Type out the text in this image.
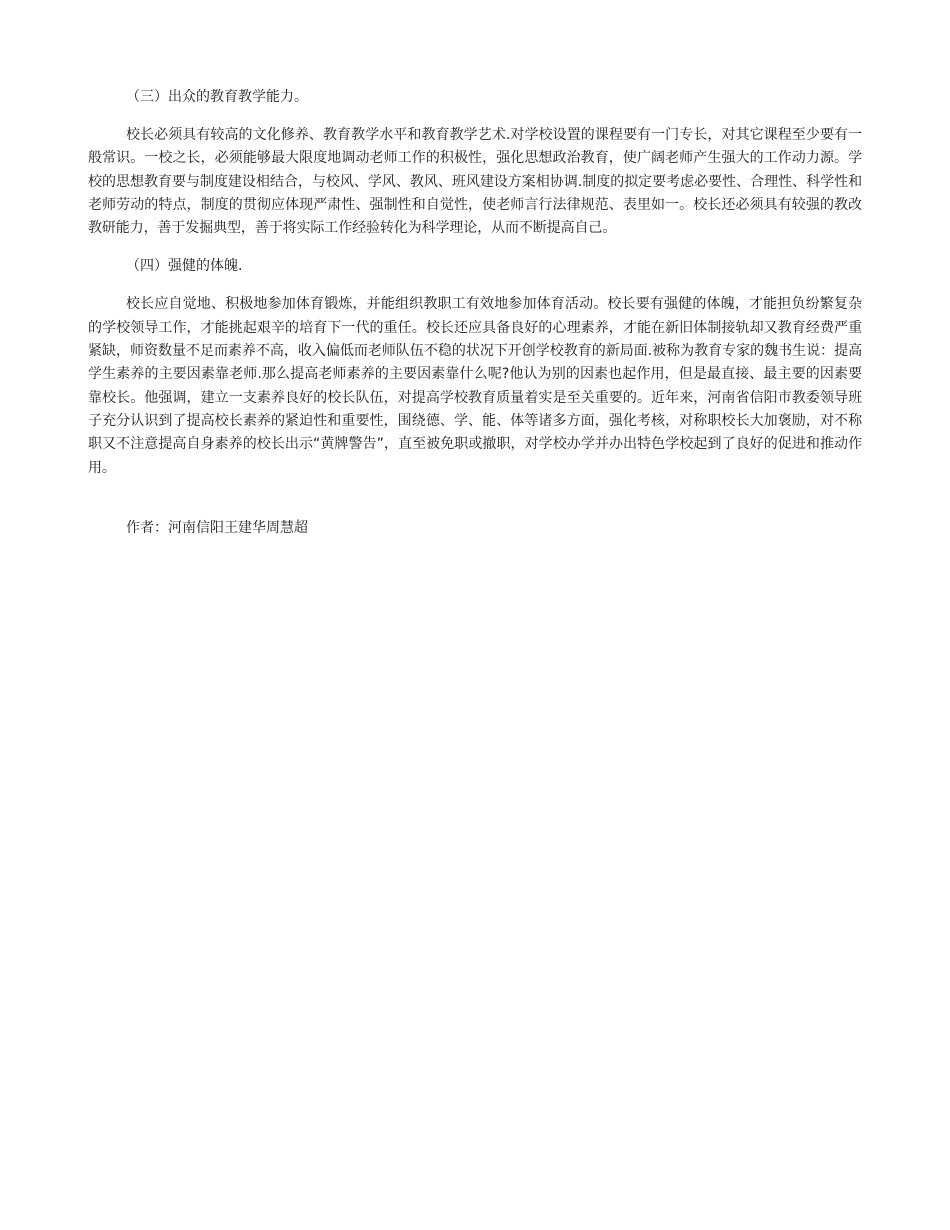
（三）出众的教育教学能力。

校长必须具有较高的文化修养、教育教学水平和教育教学艺术.对学校设置的课程要有一门专长，对其它课程至少要有一般常识。一校之长，必须能够最大限度地调动老师工作的积极性，强化思想政治教育，使广阔老师产生强大的工作动力源。学校的思想教育要与制度建设相结合，与校风、学风、教风、班风建设方案相协调.制度的拟定要考虑必要性、合理性、科学性和老师劳动的特点，制度的贯彻应体现严肃性、强制性和自觉性，使老师言行法律规范、表里如一。校长还必须具有较强的教改教研能力，善于发掘典型，善于将实际工作经验转化为科学理论，从而不断提高自己。

（四）强健的体魄.

校长应自觉地、积极地参加体育锻炼，并能组织教职工有效地参加体育活动。校长要有强健的体魄，才能担负纷繁复杂的学校领导工作，才能挑起艰辛的培育下一代的重任。校长还应具备良好的心理素养，才能在新旧体制接轨却又教育经费严重紧缺，师资数量不足而素养不高，收入偏低而老师队伍不稳的状况下开创学校教育的新局面.被称为教育专家的魏书生说：提高学生素养的主要因素靠老师.那么提高老师素养的主要因素靠什么呢?他认为别的因素也起作用，但是最直接、最主要的因素要靠校长。他强调，建立一支素养良好的校长队伍，对提高学校教育质量着实是至关重要的。近年来，河南省信阳市教委领导班子充分认识到了提高校长素养的紧迫性和重要性，围绕德、学、能、体等诸多方面，强化考核，对称职校长大加褒励，对不称职又不注意提高自身素养的校长出示“黄牌警告”，直至被免职或撤职，对学校办学并办出特色学校起到了良好的促进和推动作用。

作者：河南信阳王建华周慧超
